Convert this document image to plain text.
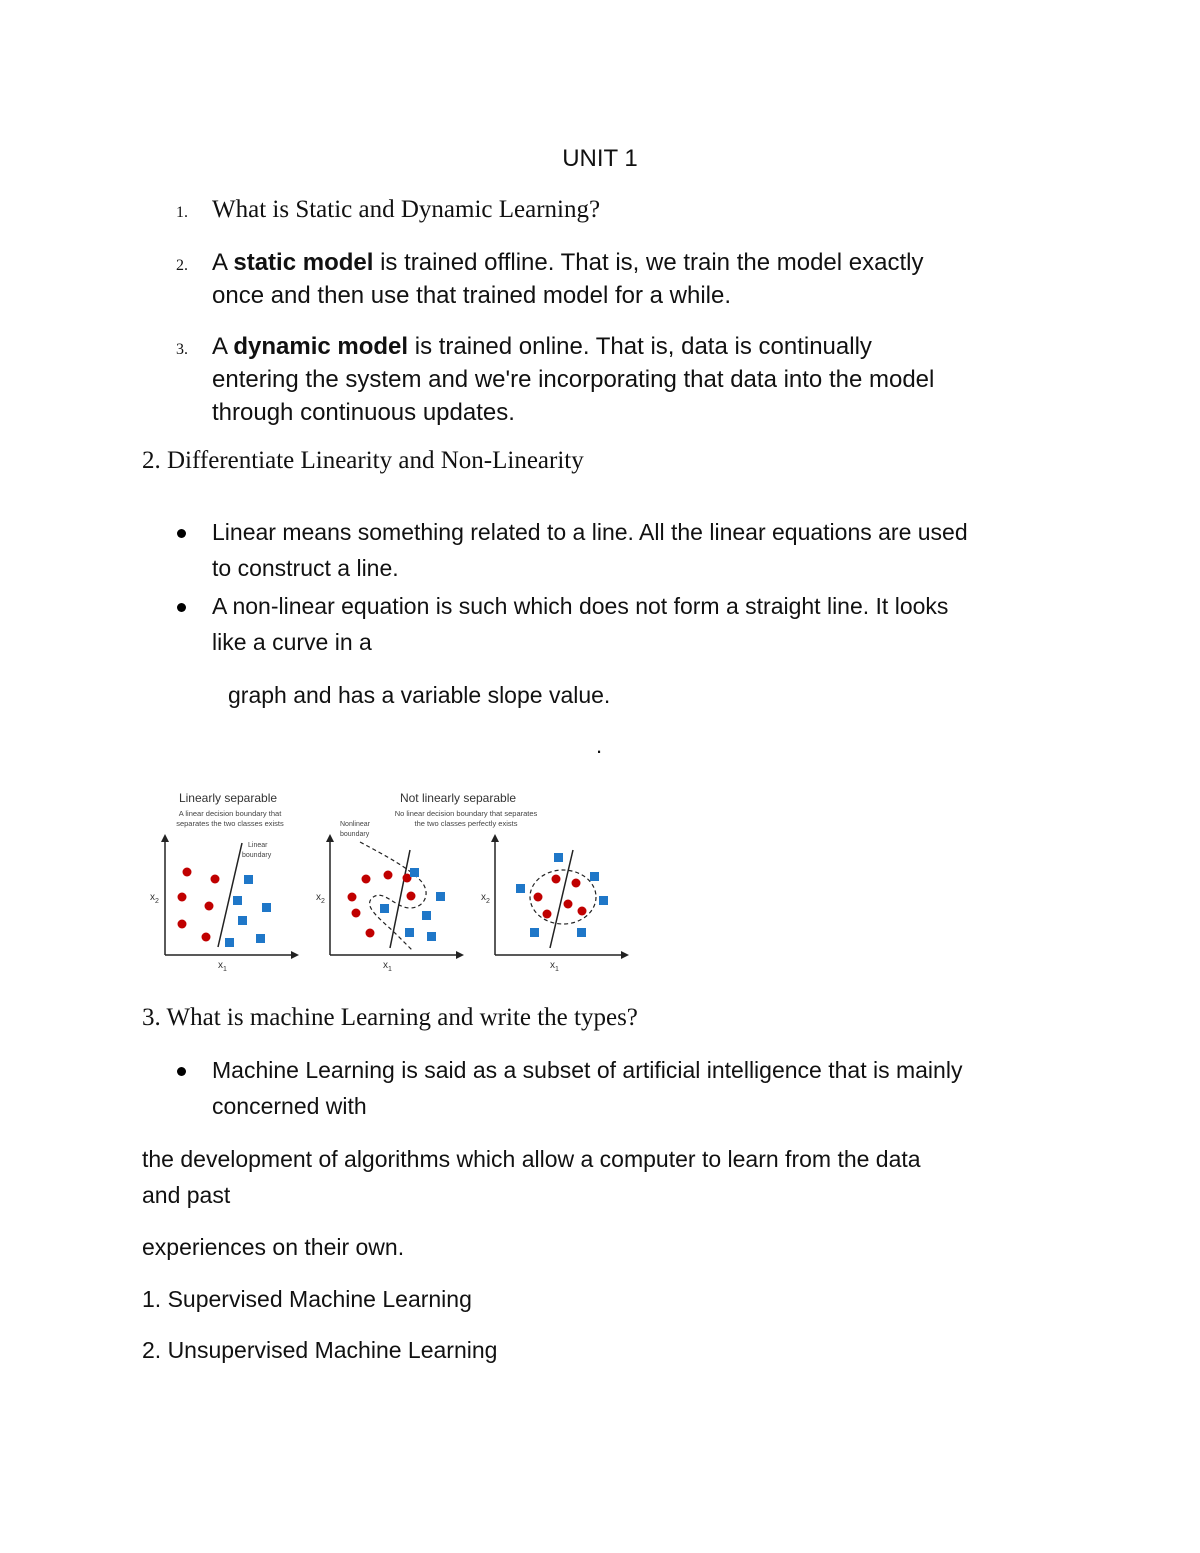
UNIT 1

1. What is Static and Dynamic Learning?

2. A static model is trained offline. That is, we train the model exactly
once and then use that trained model for a while.
3. A dynamic model is trained online. That is, data is continually
entering the system and we're incorporating that data into the model
through continuous updates.

2. Differentiate Linearity and Non-Linearity

Linear means something related to a line. All the linear equations are used
to construct a line.
A non-linear equation is such which does not form a straight line. It looks
like a curve in a

graph and has a variable slope value.

.

Linearly separable
A linear decision boundary that
separates the two classes exists
Linear
boundary
$x_2$
$x_1$
Not linearly separable
No linear decision boundary that separates
the two classes perfectly exists
Nonlinear
boundary
$x_2$
$x_1$
$x_2$
$x_1$

3. What is machine Learning and write the types?

Machine Learning is said as a subset of artificial intelligence that is mainly
concerned with
the development of algorithms which allow a computer to learn from the data
and past

experiences on their own.

1. Supervised Machine Learning

2. Unsupervised Machine Learning
